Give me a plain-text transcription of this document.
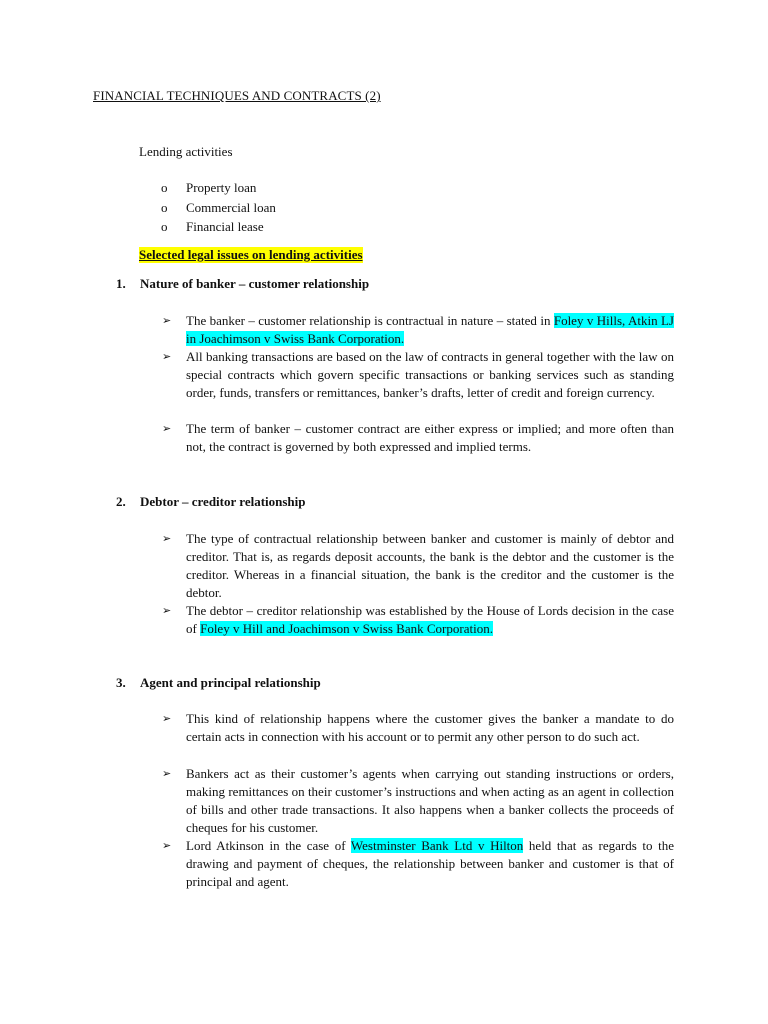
FINANCIAL TECHNIQUES AND CONTRACTS (2)
Lending activities
o Property loan
o Commercial loan
o Financial lease
Selected legal issues on lending activities
1. Nature of banker – customer relationship
➢ The banker – customer relationship is contractual in nature – stated in Foley v Hills, Atkin LJ in Joachimson v Swiss Bank Corporation.
➢ All banking transactions are based on the law of contracts in general together with the law on special contracts which govern specific transactions or banking services such as standing order, funds, transfers or remittances, banker’s drafts, letter of credit and foreign currency.
➢ The term of banker – customer contract are either express or implied; and more often than not, the contract is governed by both expressed and implied terms.
2. Debtor – creditor relationship
➢ The type of contractual relationship between banker and customer is mainly of debtor and creditor. That is, as regards deposit accounts, the bank is the debtor and the customer is the creditor. Whereas in a financial situation, the bank is the creditor and the customer is the debtor.
➢ The debtor – creditor relationship was established by the House of Lords decision in the case of Foley v Hill and Joachimson v Swiss Bank Corporation.
3. Agent and principal relationship
➢ This kind of relationship happens where the customer gives the banker a mandate to do certain acts in connection with his account or to permit any other person to do such act.
➢ Bankers act as their customer’s agents when carrying out standing instructions or orders, making remittances on their customer’s instructions and when acting as an agent in collection of bills and other trade transactions. It also happens when a banker collects the proceeds of cheques for his customer.
➢ Lord Atkinson in the case of Westminster Bank Ltd v Hilton held that as regards to the drawing and payment of cheques, the relationship between banker and customer is that of principal and agent.
